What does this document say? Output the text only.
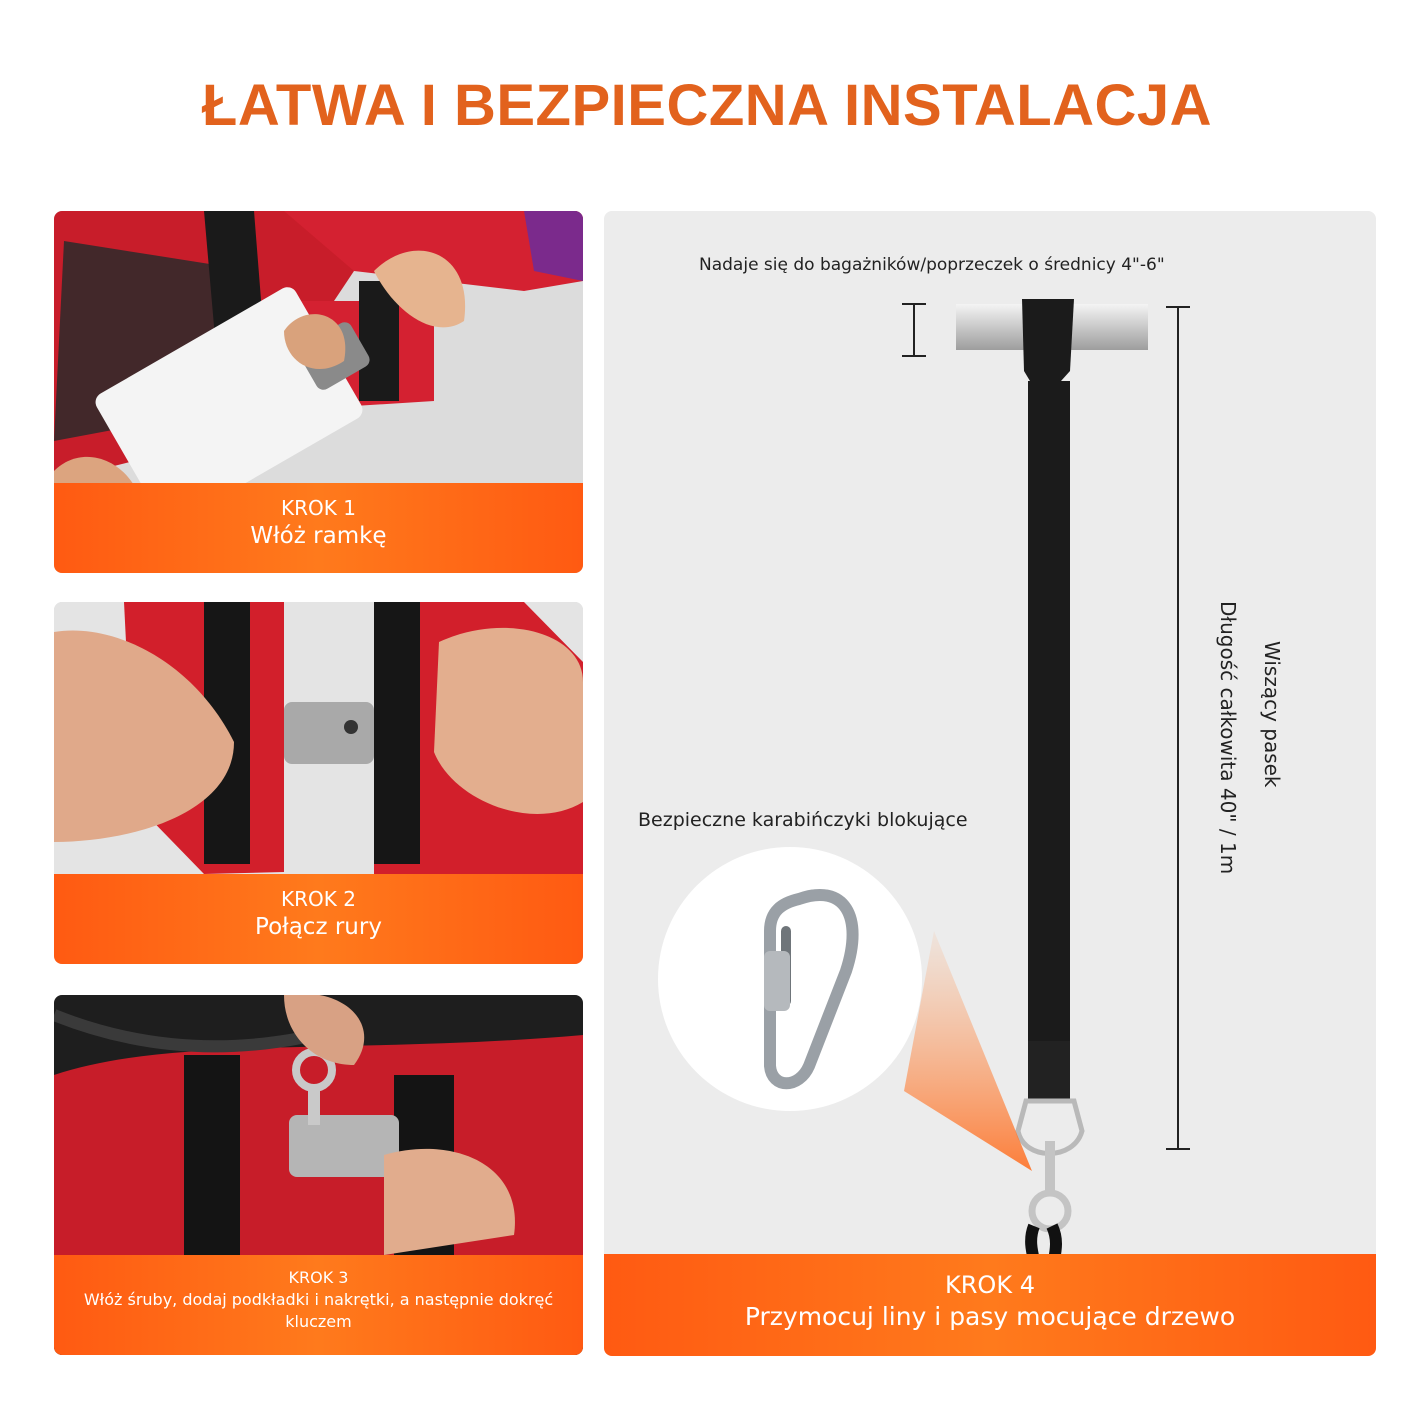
ŁATWA I BEZPIECZNA INSTALACJA
KROK 1
Włóż ramkę
KROK 2
Połącz rury
KROK 3
Włóż śruby, dodaj podkładki i nakrętki, a następnie dokręć kluczem
Nadaje się do bagażników/poprzeczek o średnicy 4"-6"
Bezpieczne karabińczyki blokujące
Wiszący pasek
Długość całkowita 40" / 1m
KROK 4
Przymocuj liny i pasy mocujące drzewo
